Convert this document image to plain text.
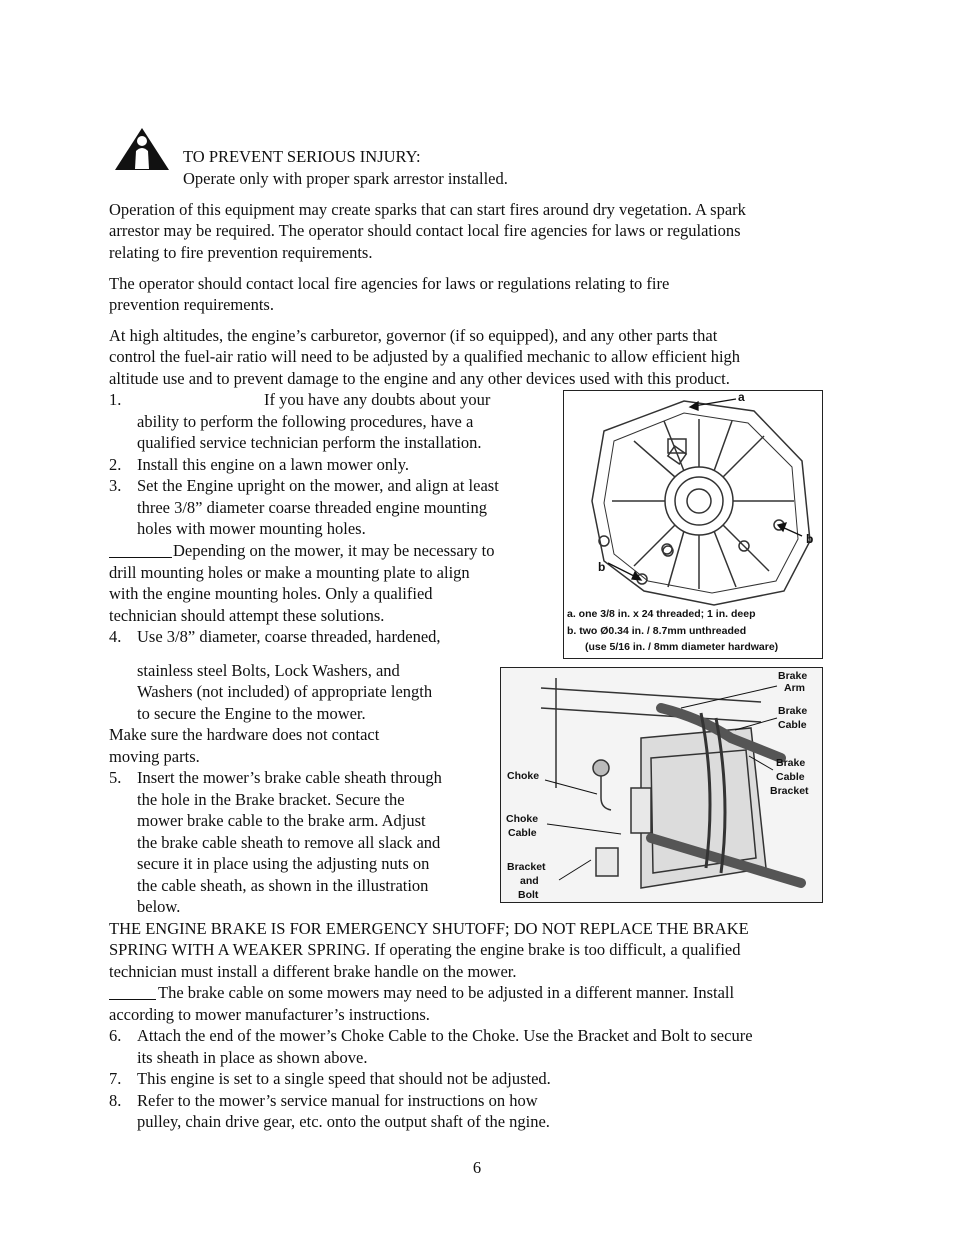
TO PREVENT SERIOUS INJURY:
Operate only with proper spark arrestor installed.
Operation of this equipment may create sparks that can start fires around dry vegetation. A spark
arrestor may be required. The operator should contact local fire agencies for laws or regulations
relating to fire prevention requirements.
The operator should contact local fire agencies for laws or regulations relating to fire
prevention requirements.
At high altitudes, the engine’s carburetor, governor (if so equipped), and any other parts that
control the fuel-air ratio will need to be adjusted by a qualified mechanic to allow efficient high
altitude use and to prevent damage to the engine and any other devices used with this product.
1.	If you have any doubts about your
ability to perform the following procedures, have a
qualified service technician perform the installation.
2. Install this engine on a lawn mower only.
3. Set the Engine upright on the mower, and align at least
three 3/8” diameter coarse threaded engine mounting
holes with mower mounting holes.
Depending on the mower, it may be necessary to
drill mounting holes or make a mounting plate to align
with the engine mounting holes. Only a qualified
technician should attempt these solutions.
4. Use 3/8” diameter, coarse threaded, hardened,
stainless steel Bolts, Lock Washers, and
Washers (not included) of appropriate length
to secure the Engine to the mower.
Make sure the hardware does not contact
moving parts.
5. Insert the mower’s brake cable sheath through
the hole in the Brake bracket. Secure the
mower brake cable to the brake arm. Adjust
the brake cable sheath to remove all slack and
secure it in place using the adjusting nuts on
the cable sheath, as shown in the illustration
below.
THE ENGINE BRAKE IS FOR EMERGENCY SHUTOFF; DO NOT REPLACE THE BRAKE
SPRING WITH A WEAKER SPRING. If operating the engine brake is too difficult, a qualified
technician must install a different brake handle on the mower.
The brake cable on some mowers may need to be adjusted in a different manner. Install
according to mower manufacturer’s instructions.
6. Attach the end of the mower’s Choke Cable to the Choke. Use the Bracket and Bolt to secure
its sheath in place as shown above.
7. This engine is set to a single speed that should not be adjusted.
8. Refer to the mower’s service manual for instructions on how
pulley, chain drive gear, etc. onto the output shaft of the ngine.
a
b
b
a. one 3/8 in. x 24 threaded; 1 in. deep
b. two Ø0.34 in. / 8.7mm unthreaded
(use 5/16 in. / 8mm diameter hardware)
Brake
Arm
Brake
Cable
Brake
Cable
Bracket
Choke
Choke
Cable
Bracket
and
Bolt
6
